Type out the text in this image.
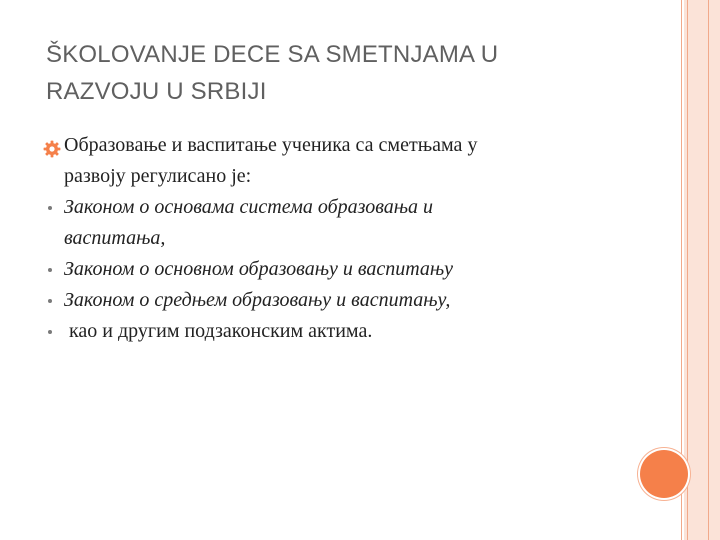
ŠKOLOVANJE DECE SA SMETNJAMA U
RAZVOJU U SRBIJI
Образовање и васпитање ученика са сметњама у
развоју регулисано је:
Законом о основама система образовања и
васпитања,
Законом о основном образовању и васпитању
Законом о средњем образовању и васпитању,
као и другим подзаконским актима.
